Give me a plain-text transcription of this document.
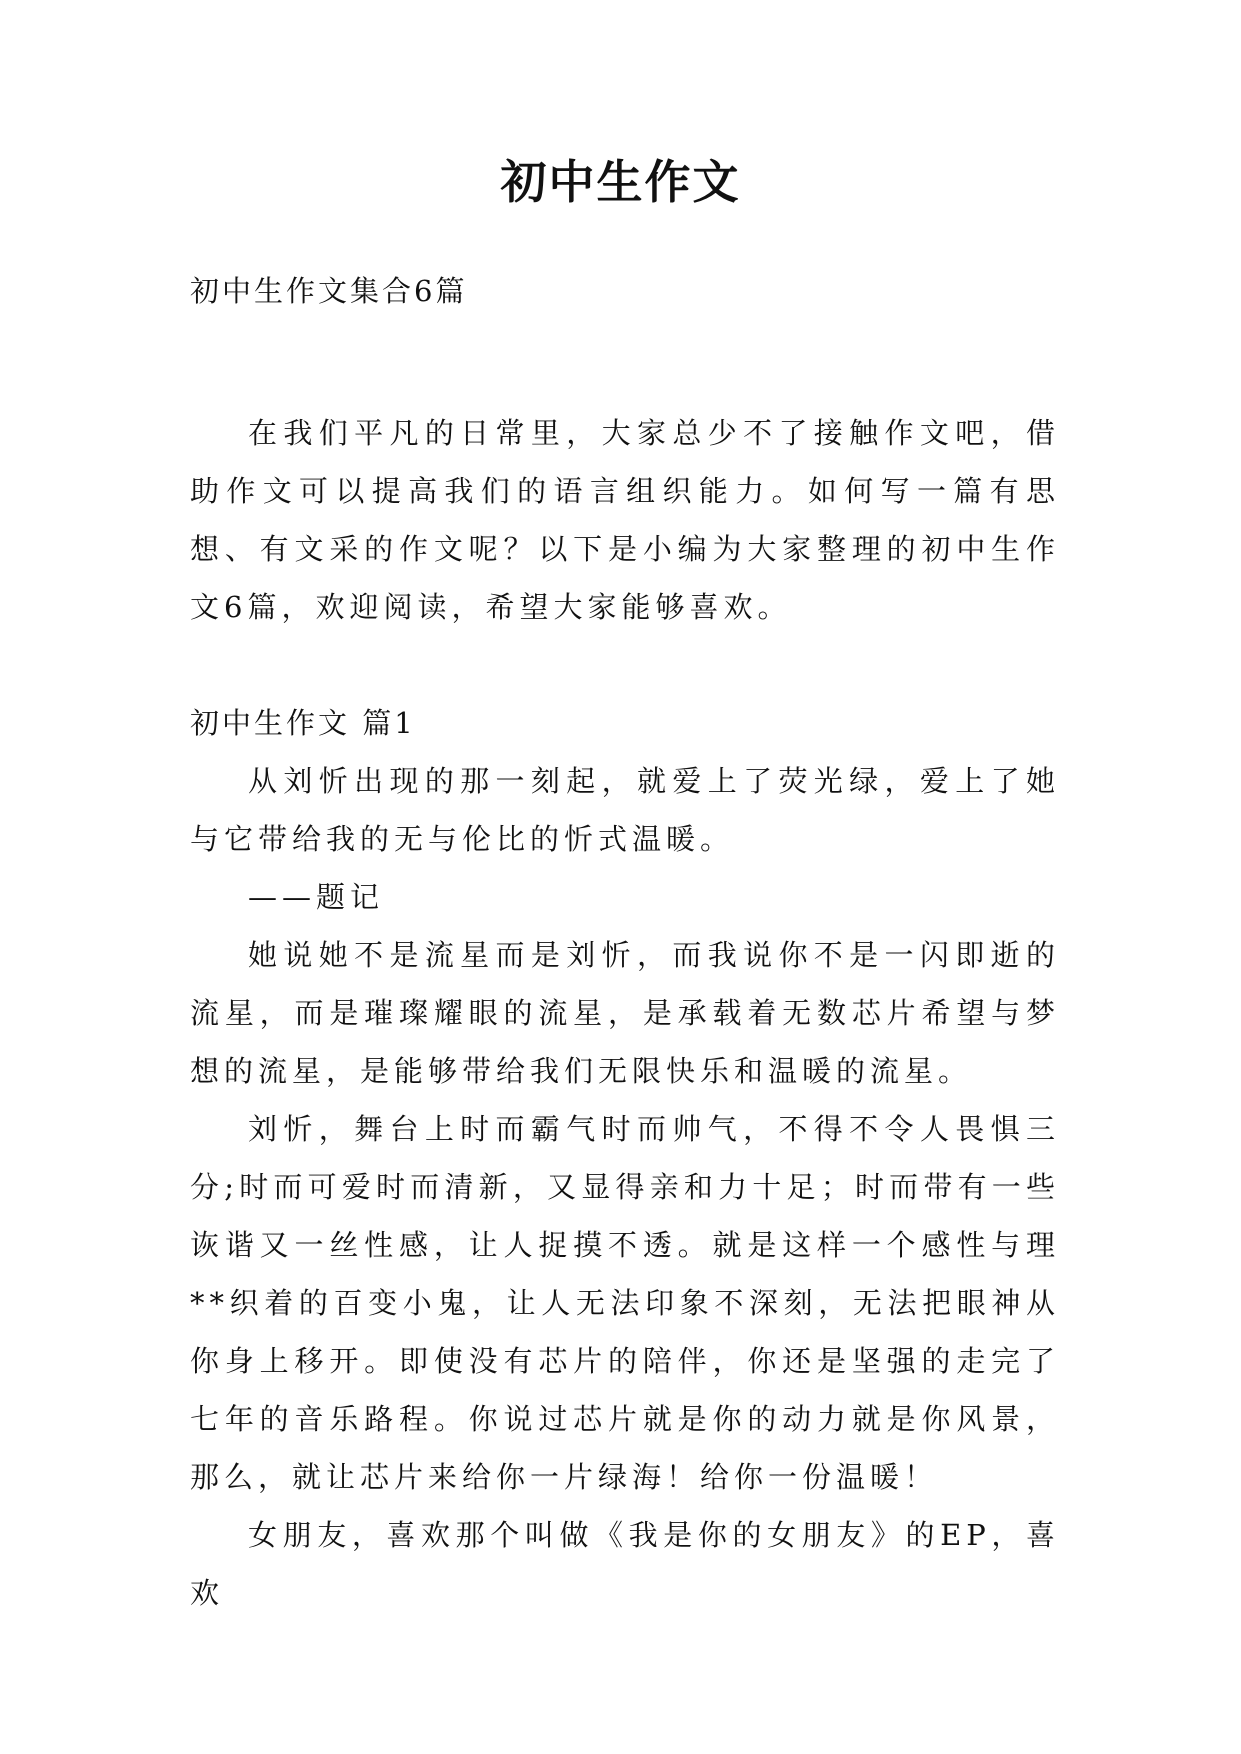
初中生作文
初中生作文集合6篇

在我们平凡的日常里，大家总少不了接触作文吧，借助作文可以提高我们的语言组织能力。如何写一篇有思想、有文采的作文呢？以下是小编为大家整理的初中生作文6篇，欢迎阅读，希望大家能够喜欢。

初中生作文 篇1

从刘忻出现的那一刻起，就爱上了荧光绿，爱上了她与它带给我的无与伦比的忻式温暖。

——题记

她说她不是流星而是刘忻，而我说你不是一闪即逝的流星，而是璀璨耀眼的流星，是承载着无数芯片希望与梦想的流星，是能够带给我们无限快乐和温暖的流星。

刘忻，舞台上时而霸气时而帅气，不得不令人畏惧三分;时而可爱时而清新，又显得亲和力十足；时而带有一些诙谐又一丝性感，让人捉摸不透。就是这样一个感性与理**织着的百变小鬼，让人无法印象不深刻，无法把眼神从你身上移开。即使没有芯片的陪伴，你还是坚强的走完了七年的音乐路程。你说过芯片就是你的动力就是你风景，那么，就让芯片来给你一片绿海！给你一份温暖！

女朋友，喜欢那个叫做《我是你的女朋友》的EP，喜欢
